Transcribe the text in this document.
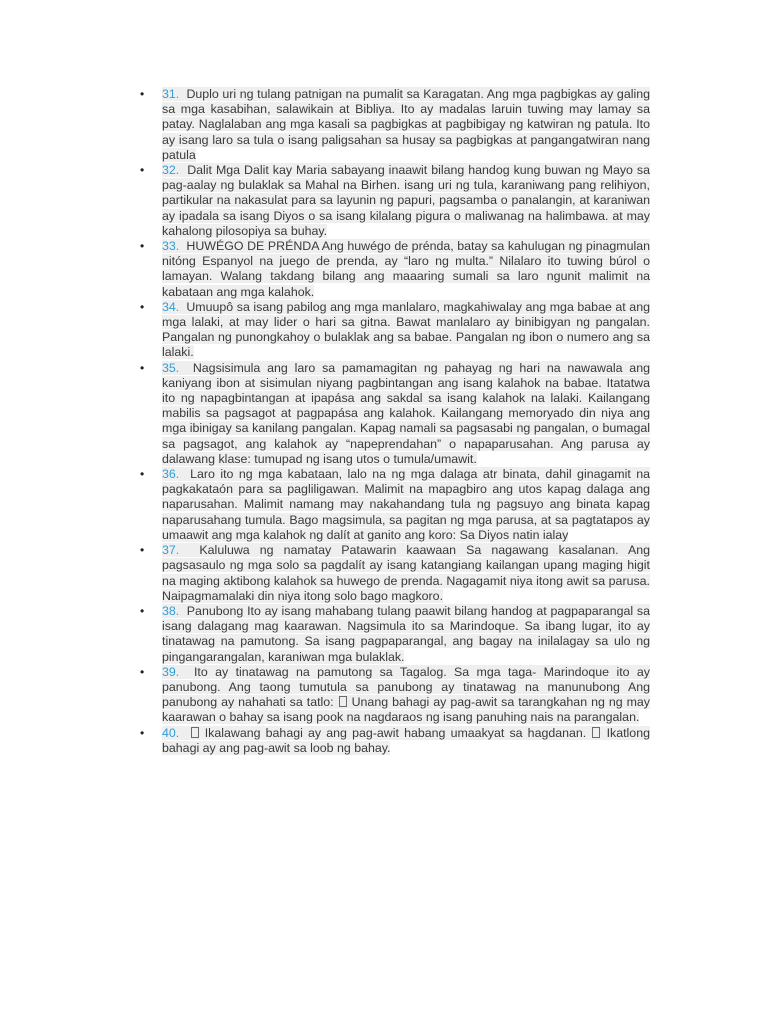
•	31. Duplo uri ng tulang patnigan na pumalit sa Karagatan. Ang mga pagbigkas ay galing sa mga kasabihan, salawikain at Bibliya. Ito ay madalas laruin tuwing may lamay sa patay. Naglalaban ang mga kasali sa pagbigkas at pagbibigay ng katwiran ng patula. Ito ay isang laro sa tula o isang paligsahan sa husay sa pagbigkas at pangangatwiran nang patula
•	32. Dalit Mga Dalit kay Maria sabayang inaawit bilang handog kung buwan ng Mayo sa pag-aalay ng bulaklak sa Mahal na Birhen. isang uri ng tula, karaniwang pang relihiyon, partikular na nakasulat para sa layunin ng papuri, pagsamba o panalangin, at karaniwan ay ipadala sa isang Diyos o sa isang kilalang pigura o maliwanag na halimbawa. at may kahalong pilosopiya sa buhay.
•	33. HUWÉGO DE PRÉNDA Ang huwégo de prénda, batay sa kahulugan ng pinagmulan nitóng Espanyol na juego de prenda, ay “laro ng multa.” Nilalaro ito tuwing búrol o lamayan. Walang takdang bilang ang maaaring sumali sa laro ngunit malimit na kabataan ang mga kalahok.
•	34. Umuupô sa isang pabilog ang mga manlalaro, magkahiwalay ang mga babae at ang mga lalaki, at may lider o hari sa gitna. Bawat manlalaro ay binibigyan ng pangalan. Pangalan ng punongkahoy o bulaklak ang sa babae. Pangalan ng ibon o numero ang sa lalaki.
•	35. Nagsisimula ang laro sa pamamagitan ng pahayag ng hari na nawawala ang kaniyang ibon at sisimulan niyang pagbintangan ang isang kalahok na babae. Itatatwa ito ng napagbintangan at ipapása ang sakdal sa isang kalahok na lalaki. Kailangang mabilis sa pagsagot at pagpapása ang kalahok. Kailangang memoryado din niya ang mga ibinigay sa kanilang pangalan. Kapag namali sa pagsasabi ng pangalan, o bumagal sa pagsagot, ang kalahok ay “napeprendahan” o napaparusahan. Ang parusa ay dalawang klase: tumupad ng isang utos o tumula/umawit.
•	36. Laro ito ng mga kabataan, lalo na ng mga dalaga atr binata, dahil ginagamit na pagkakataón para sa pagliligawan. Malimit na mapagbiro ang utos kapag dalaga ang naparusahan. Malimit namang may nakahandang tula ng pagsuyo ang binata kapag naparusahang tumula. Bago magsimula, sa pagitan ng mga parusa, at sa pagtatapos ay umaawit ang mga kalahok ng dalít at ganito ang koro: Sa Diyos natin ialay
•	37. Kaluluwa ng namatay Patawarin kaawaan Sa nagawang kasalanan. Ang pagsasaulo ng mga solo sa pagdalít ay isang katangiang kailangan upang maging higit na maging aktibong kalahok sa huwego de prenda. Nagagamit niya itong awit sa parusa. Naipagmamalaki din niya itong solo bago magkoro.
•	38. Panubong Ito ay isang mahabang tulang paawit bilang handog at pagpaparangal sa isang dalagang mag kaarawan. Nagsimula ito sa Marindoque. Sa ibang lugar, ito ay tinatawag na pamutong. Sa isang pagpaparangal, ang bagay na inilalagay sa ulo ng pingangarangalan, karaniwan mga bulaklak.
•	39. Ito ay tinatawag na pamutong sa Tagalog. Sa mga taga- Marindoque ito ay panubong. Ang taong tumutula sa panubong ay tinatawag na manunubong Ang panubong ay nahahati sa tatlo: Unang bahagi ay pag-awit sa tarangkahan ng ng may kaarawan o bahay sa isang pook na nagdaraos ng isang panuhing nais na parangalan.
•	40. Ikalawang bahagi ay ang pag-awit habang umaakyat sa hagdanan. Ikatlong bahagi ay ang pag-awit sa loob ng bahay.
